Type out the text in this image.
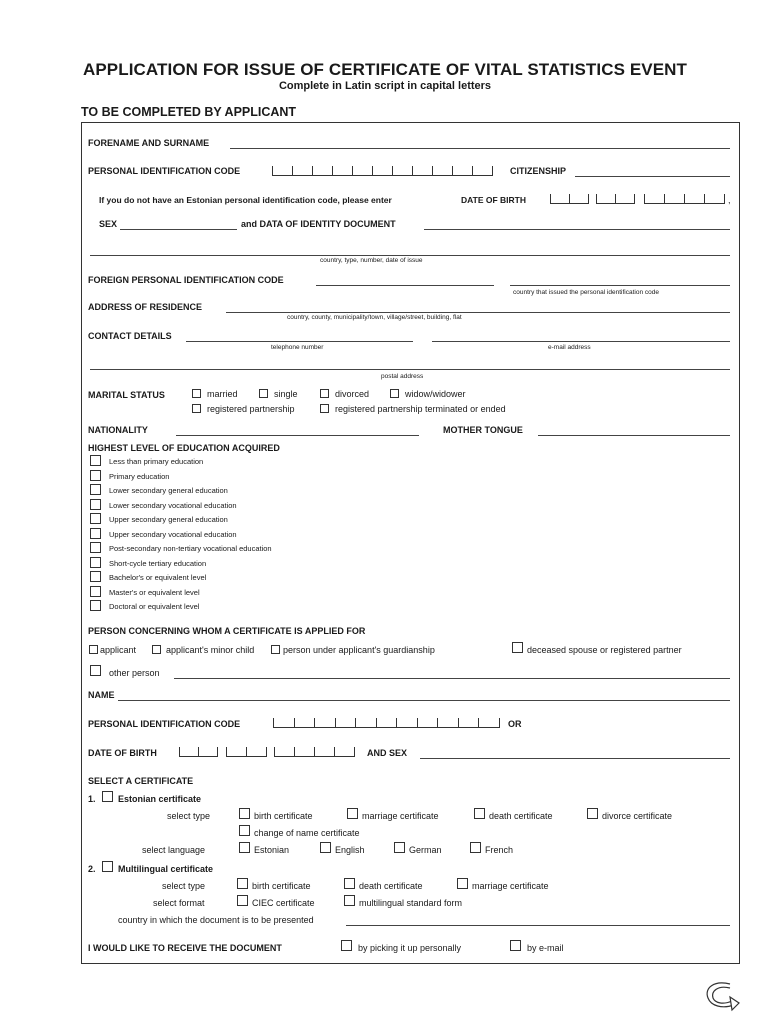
APPLICATION FOR ISSUE OF CERTIFICATE OF VITAL STATISTICS EVENT
Complete in Latin script in capital letters
TO BE COMPLETED BY APPLICANT
FORENAME AND SURNAME
PERSONAL IDENTIFICATION CODE	CITIZENSHIP
If you do not have an Estonian personal identification code, please enter	DATE OF BIRTH	,
SEX	and DATA OF IDENTITY DOCUMENT
country, type, number, date of issue
FOREIGN PERSONAL IDENTIFICATION CODE
country that issued the personal identification code
ADDRESS OF RESIDENCE
country, county, municipality/town, village/street, building, flat
CONTACT DETAILS
telephone number	e-mail address
postal address
MARITAL STATUS	married	single	divorced	widow/widower
registered partnership	registered partnership terminated or ended
NATIONALITY	MOTHER TONGUE
HIGHEST LEVEL OF EDUCATION ACQUIRED
Less than primary education
Primary education
Lower secondary general education
Lower secondary vocational education
Upper secondary general education
Upper secondary vocational education
Post-secondary non-tertiary vocational education
Short-cycle tertiary education
Bachelor's or equivalent level
Master's or equivalent level
Doctoral or equivalent level
PERSON CONCERNING WHOM A CERTIFICATE IS APPLIED FOR
applicant	applicant's minor child	person under applicant's guardianship	deceased spouse or registered partner
other person
NAME
PERSONAL IDENTIFICATION CODE	OR
DATE OF BIRTH	AND SEX
SELECT A CERTIFICATE
1. Estonian certificate
select type	birth certificate	marriage certificate	death certificate	divorce certificate
change of name certificate
select language	Estonian	English	German	French
2. Multilingual certificate
select type	birth certificate	death certificate	marriage certificate
select format	CIEC certificate	multilingual standard form
country in which the document is to be presented
I WOULD LIKE TO RECEIVE THE DOCUMENT	by picking it up personally	by e-mail
